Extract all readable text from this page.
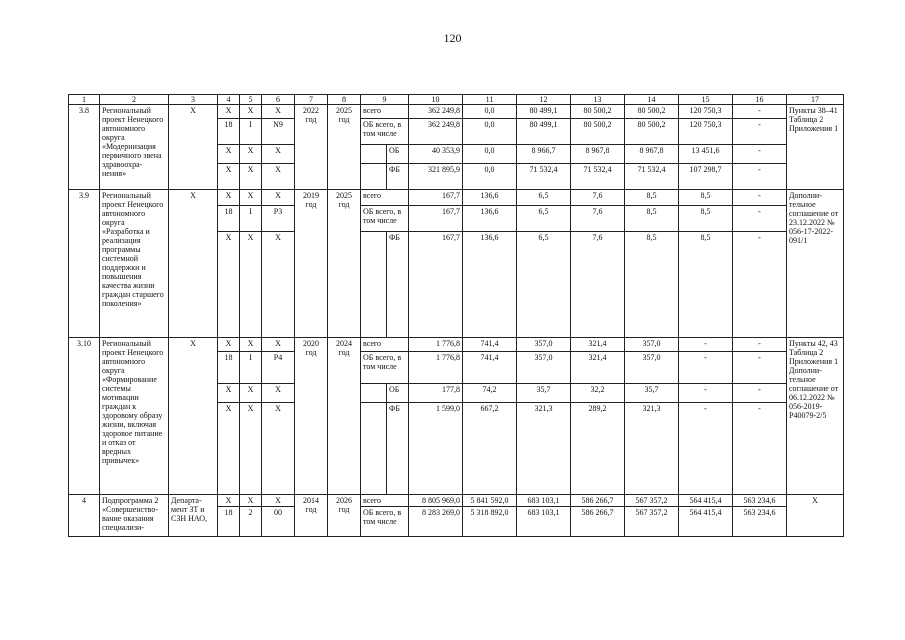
120
1	2	3	4	5	6	7	8	9		10	11	12	13	14	15	16	17
3.8	Региональный проект Ненецкого автономного округа «Модернизация первичного звена здравоохра-нения»	Х	Х	Х	Х	2022 год	2025 год	всего		362 249,8	0,0	80 499,1	80 500,2	80 500,2	120 750,3	-	Пункты 38–41 Таблица 2 Приложения 1
			18	I	N9			ОБ всего, в том числе		362 249,8	0,0	80 499,1	80 500,2	80 500,2	120 750,3	-	
			Х	Х	Х				ОБ	40 353,9	0,0	8 966,7	8 967,8	8 967,8	13 451,6	-	
			Х	Х	Х				ФБ	321 895,9	0,0	71 532,4	71 532,4	71 532,4	107 298,7	-	
3.9	Региональный проект Ненецкого автономного округа «Разработка и реализация программы системной поддержки и повышения качества жизни граждан старшего поколения»	Х	Х	Х	Х	2019 год	2025 год	всего		167,7	136,6	6,5	7,6	8,5	8,5	-	Дополни-тельное соглашение от 23.12.2022 № 056-17-2022-091/1
			18	I	P3			ОБ всего, в том числе		167,7	136,6	6,5	7,6	8,5	8,5	-	
			Х	Х	Х				ФБ	167,7	136,6	6,5	7,6	8,5	8,5	-	
3.10	Региональный проект Ненецкого автономного округа «Формирование системы мотивации граждан к здоровому образу жизни, включая здоровое питание и отказ от вредных привычек»	Х	Х	Х	Х	2020 год	2024 год	всего		1 776,8	741,4	357,0	321,4	357,0	-	-	Пункты 42, 43 Таблица 2 Приложения 1 Дополни-тельное соглашение от 06.12.2022 № 056-2019-P40079-2/5
			18	I	P4			ОБ всего, в том числе		1 776,8	741,4	357,0	321,4	357,0	-	-	
			Х	Х	Х				ОБ	177,8	74,2	35,7	32,2	35,7	-	-	
			Х	Х	Х				ФБ	1 599,0	667,2	321,3	289,2	321,3	-	-	
4	Подпрограмма 2 «Совершенство-вание оказания специализи-	Департа-мент ЗТ и СЗН НАО,	Х	Х	Х	2014 год	2026 год	всего		8 805 969,0	5 841 592,0	683 103,1	586 266,7	567 357,2	564 415,4	563 234,6	Х
			18	2	00			ОБ всего, в том числе		8 283 269,0	5 318 892,0	683 103,1	586 266,7	567 357,2	564 415,4	563 234,6	
